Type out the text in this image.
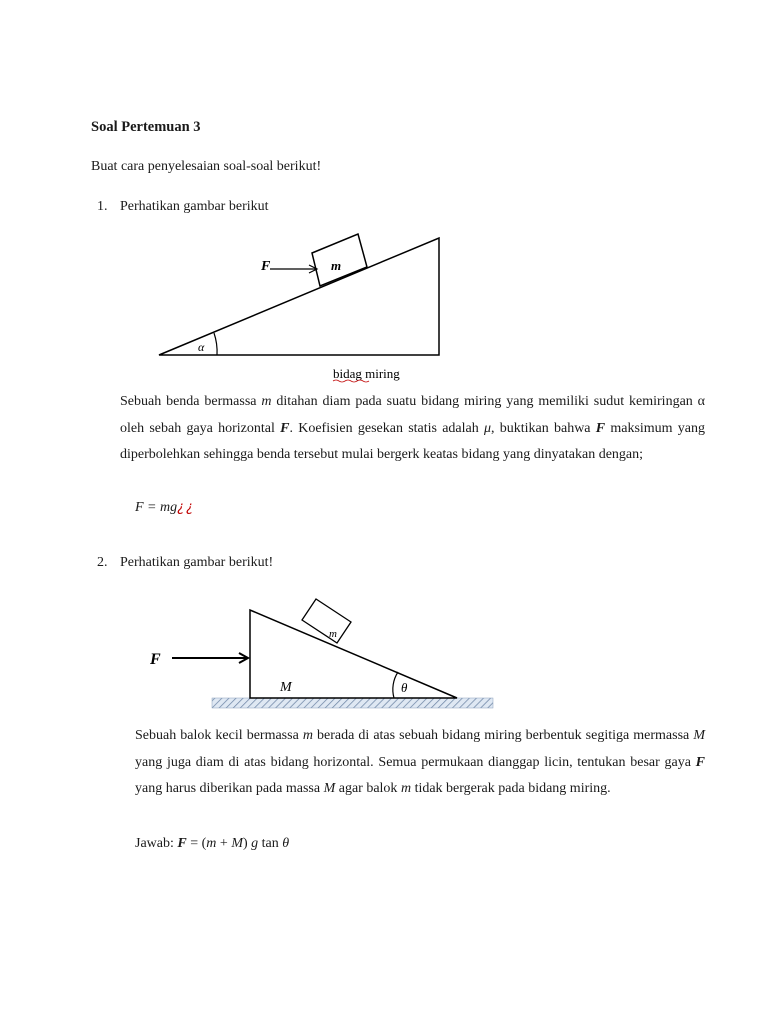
Soal Pertemuan 3
Buat cara penyelesaian soal-soal berikut!
1. Perhatikan gambar berikut
m
F
α
bidag miring
Sebuah benda bermassa m ditahan diam pada suatu bidang miring yang memiliki sudut kemiringan α oleh sebah gaya horizontal F. Koefisien gesekan statis adalah μ, buktikan bahwa F maksimum yang diperbolehkan sehingga benda tersebut mulai bergerk keatas bidang yang dinyatakan dengan;
F = mg¿¿
2. Perhatikan gambar berikut!
m
M	θ
F
Sebuah balok kecil bermassa m berada di atas sebuah bidang miring berbentuk segitiga mermassa M yang juga diam di atas bidang horizontal. Semua permukaan dianggap licin, tentukan besar gaya F yang harus diberikan pada massa M agar balok m tidak bergerak pada bidang miring.
Jawab: F = (m + M) g tan θ
